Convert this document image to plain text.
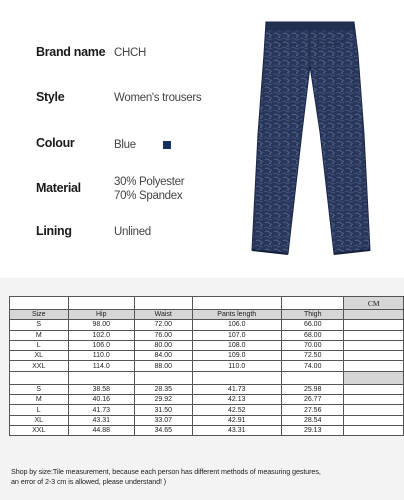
Brand name CHCH
Style	Women's trousers
Colour	Blue
Material	30% Polyester
70% Spandex
Lining	Unlined
					CM
Size	Hip	Waist	Pants length	Thigh	
S	98.00	72.00	106.0	66.00	
M	102.0	76.00	107.0	68.00	
L	106.0	80.00	108.0	70.00	
XL	110.0	84.00	109.0	72.50	
XXL	114.0	88.00	110.0	74.00	

S	38.58	28.35	41.73	25.98	
M	40.16	29.92	42.13	26.77	
L	41.73	31.50	42.52	27.56	
XL	43.31	33.07	42.91	28.54	
XXL	44.88	34.65	43.31	29.13	
Shop by size:Tile measurement, because each person has different methods of measuring gestures,
an error of 2-3 cm is allowed, please understand! )
